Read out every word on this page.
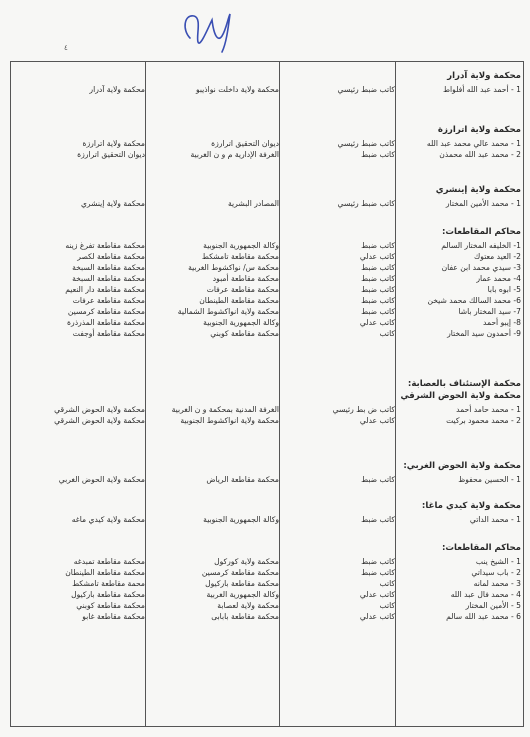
٤
محكمة ولاية آدرار
1 - أحمد عبد الله أفلواط
كاتب ضبط رئيسي
محكمة ولاية داخلت نواذيبو
محكمة ولاية آدرار
محكمة ولاية اترارزة
1 - محمد عالي محمد عبد الله
2 - محمد عبد الله محمذن
كاتب ضبط رئيسي
كاتب ضبط
ديوان التحقيق اترارزة
الغرفة الإدارية م و ن الغربية
محكمة ولاية اترارزة
ديوان التحقيق اترارزة
محكمة ولاية إينشري
1 - محمد الأمين المختار
كاتب ضبط رئيسي
المصادر البشرية
محكمة ولاية إينشري
محاكم المقاطعات:
1- الخليفه المختار السالم
2- العيد معتوك
3- سيدي محمد ابن عفان
4- محمد عمار
5- ابوه بابا
6- محمد السالك محمد شيخن
7- سيد المختار باشا
8- إيبو أحمد
9- أحمدون سيد المختار
كاتب ضبط
كاتب عدلي
كاتب ضبط
كاتب ضبط
كاتب ضبط
كاتب ضبط
كاتب ضبط
كاتب عدلي
كاتب
وكالة الجمهورية الجنوبية
محكمة مقاطعة تامشكط
محكمة س/ نواكشوط الغربية
محكمة مقاطعة أمبود
محكمة مقاطعة عرفات
محكمة مقاطعة الطينطان
محكمة ولاية انواكشوط الشمالية
وكالة الجمهورية الجنوبية
محكمة مقاطعة كوبني
محكمة مقاطعة تفرغ زينه
محكمة مقاطعة لكصر
محكمة مقاطعة السبخة
محكمة مقاطعة السبخة
محكمة مقاطعة دار النعيم
محكمة مقاطعة عرفات
محكمة مقاطعة كرمسين
محكمة مقاطعة المذرذرة
محكمة مقاطعة أوجفت
محكمة الإستئناف بالعصابة:
محكمة ولاية الحوض الشرقي
1 - محمد حامد أحمد
2 - محمد محمود بركيت
كاتب ض بط رئيسي
كاتب عدلي
الغرفة المدنية بمحكمة و ن الغربية
محكمة ولاية انواكشوط الجنوبية
محكمة ولاية الحوض الشرقي
محكمة ولاية الحوض الشرقي
محكمة ولاية الحوض الغربي:
1 - الحسين محفوظ
كاتب ضبط
محكمة مقاطعة الرياض
محكمة ولاية الحوض الغربي
محكمة ولاية كيدي ماغا:
1 - محمد الداتي
كاتب ضبط
وكالة الجمهورية الجنوبية
محكمة ولاية كيدي ماغه
محاكم المقاطعات:
1 - الشيخ ينب
2 - باب سيداتي
3 - محمد لمانه
4 - محمد فال عبد الله
5 - الأمين المختار
6 - محمد عبد الله سالم
كاتب ضبط
كاتب ضبط
كاتب
كاتب عدلي
كاتب
كاتب عدلي
محكمة ولاية كوركول
محكمة مقاطعة كرمسين
محكمة مقاطعة باركيول
وكالة الجمهورية الغربية
محكمة ولاية لعصابة
محكمة مقاطعة بابابى
محكمة مقاطعة تمبدغه
محكمة مقاطعة الطينطان
محمة مقاطعة تامشكط
محكمة مقاطعة باركيول
محكمة مقاطعة كوبني
محكمة مقاطعة غابو
